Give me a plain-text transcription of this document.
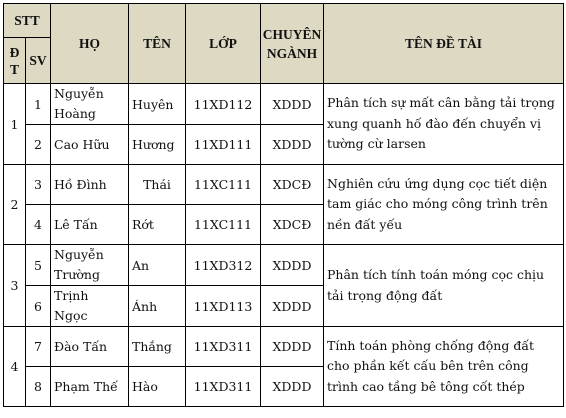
STT		HỌ	TÊN	LỚP	CHUYÊN NGÀNH	TÊN ĐỀ TÀI
Đ
T	SV					
1	1	Nguyễn Hoàng	Huyên	11XD112	XDDD	Phân tích sự mất cân bằng tải trọng xung quanh hố đào đến chuyển vị tường cừ larsen
	2	Cao Hữu	Hương	11XD111	XDDD	
2	3	Hồ Đình	Thái	11XC111	XDCĐ	Nghiên cứu ứng dụng cọc tiết diện tam giác cho móng công trình trên nền đất yếu
	4	Lê Tấn	Rớt	11XC111	XDCĐ	
3	5	Nguyễn Trường	An	11XD312	XDDD	Phân tích tính toán móng cọc chịu tải trọng động đất
	6	Trịnh Ngọc	Ánh	11XD113	XDDD	
4	7	Đào Tấn	Thắng	11XD311	XDDD	Tính toán phòng chống động đất cho phần kết cấu bên trên công trình cao tầng bê tông cốt thép
	8	Phạm Thế	Hào	11XD311	XDDD	
